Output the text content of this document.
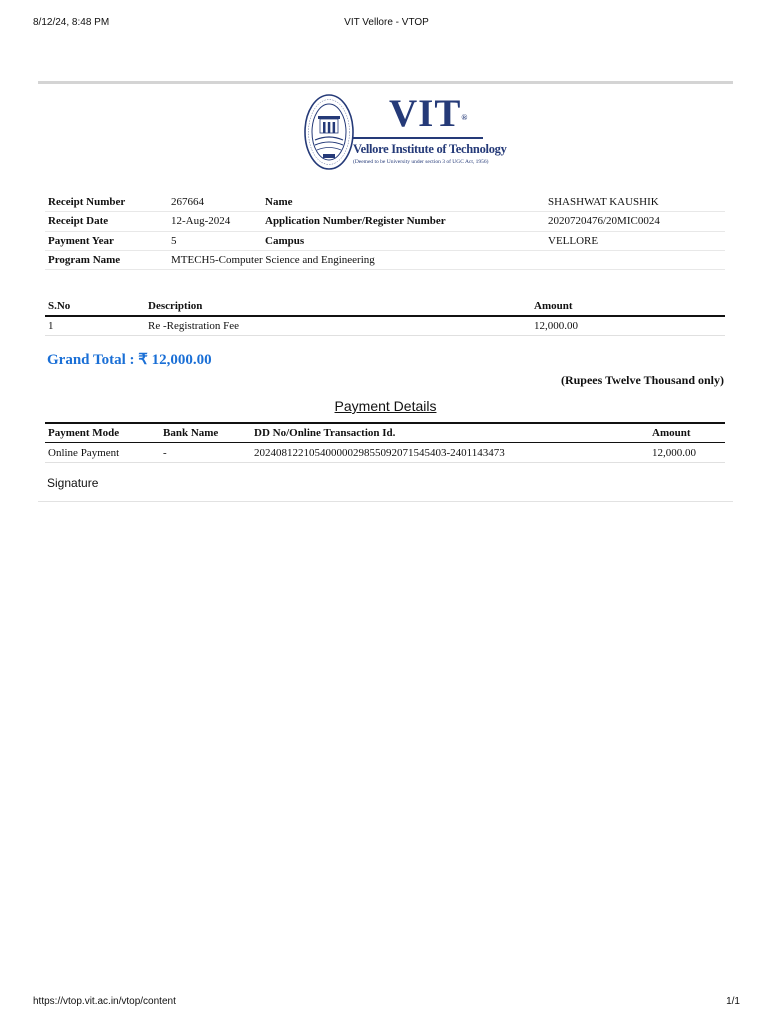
8/12/24, 8:48 PM	VIT Vellore - VTOP
VIT®
Vellore Institute of Technology
(Deemed to be University under section 3 of UGC Act, 1956)
Receipt Number	267664	Name	SHASHWAT KAUSHIK
Receipt Date	12-Aug-2024	Application Number/Register Number	2020720476/20MIC0024
Payment Year	5	Campus	VELLORE
Program Name	MTECH5-Computer Science and Engineering
S.No	Description	Amount
1	Re -Registration Fee	12,000.00
Grand Total : ₹ 12,000.00
(Rupees Twelve Thousand only)
Payment Details
Payment Mode	Bank Name	DD No/Online Transaction Id.	Amount
Online Payment	-	20240812210540000029855092071545403-2401143473	12,000.00
Signature
https://vtop.vit.ac.in/vtop/content	1/1
